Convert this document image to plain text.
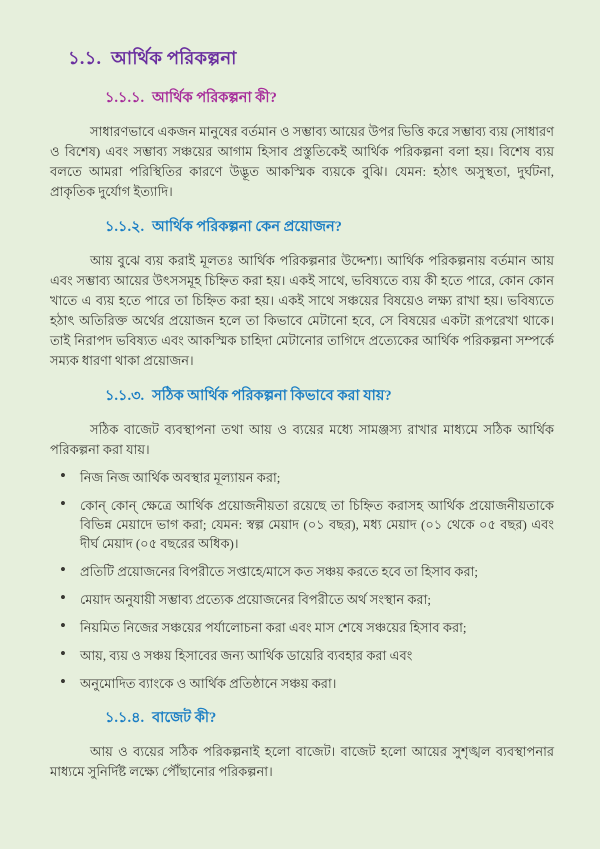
১.১. আর্থিক পরিকল্পনা
১.১.১. আর্থিক পরিকল্পনা কী?

সাধারণভাবে একজন মানুষের বর্তমান ও সম্ভাব্য আয়ের উপর ভিত্তি করে সম্ভাব্য ব্যয় (সাধারণ ও বিশেষ) এবং সম্ভাব্য সঞ্চয়ের আগাম হিসাব প্রস্তুতিকেই আর্থিক পরিকল্পনা বলা হয়। বিশেষ ব্যয় বলতে আমরা পরিস্থিতির কারণে উদ্ভূত আকস্মিক ব্যয়কে বুঝি। যেমন: হঠাৎ অসুস্থতা, দুর্ঘটনা, প্রাকৃতিক দুর্যোগ ইত্যাদি।

১.১.২. আর্থিক পরিকল্পনা কেন প্রয়োজন?

আয় বুঝে ব্যয় করাই মূলতঃ আর্থিক পরিকল্পনার উদ্দেশ্য। আর্থিক পরিকল্পনায় বর্তমান আয় এবং সম্ভাব্য আয়ের উৎসসমূহ চিহ্নিত করা হয়। একই সাথে, ভবিষ্যতে ব্যয় কী হতে পারে, কোন কোন খাতে এ ব্যয় হতে পারে তা চিহ্নিত করা হয়। একই সাথে সঞ্চয়ের বিষয়েও লক্ষ্য রাখা হয়। ভবিষ্যতে হঠাৎ অতিরিক্ত অর্থের প্রয়োজন হলে তা কিভাবে মেটানো হবে, সে বিষয়ের একটা রূপরেখা থাকে। তাই নিরাপদ ভবিষ্যত এবং আকস্মিক চাহিদা মেটানোর তাগিদে প্রত্যেকের আর্থিক পরিকল্পনা সম্পর্কে সম্যক ধারণা থাকা প্রয়োজন।

১.১.৩. সঠিক আর্থিক পরিকল্পনা কিভাবে করা যায়?

সঠিক বাজেট ব্যবস্থাপনা তথা আয় ও ব্যয়ের মধ্যে সামঞ্জস্য রাখার মাধ্যমে সঠিক আর্থিক পরিকল্পনা করা যায়।

• নিজ নিজ আর্থিক অবস্থার মূল্যায়ন করা;
• কোন্‌ কোন্‌ ক্ষেত্রে আর্থিক প্রয়োজনীয়তা রয়েছে তা চিহ্নিত করাসহ আর্থিক প্রয়োজনীয়তাকে বিভিন্ন মেয়াদে ভাগ করা; যেমন: স্বল্প মেয়াদ (০১ বছর), মধ্য মেয়াদ (০১ থেকে ০৫ বছর) এবং দীর্ঘ মেয়াদ (০৫ বছরের অধিক)।
• প্রতিটি প্রয়োজনের বিপরীতে সপ্তাহে/মাসে কত সঞ্চয় করতে হবে তা হিসাব করা;
• মেয়াদ অনুযায়ী সম্ভাব্য প্রত্যেক প্রয়োজনের বিপরীতে অর্থ সংস্থান করা;
• নিয়মিত নিজের সঞ্চয়ের পর্যালোচনা করা এবং মাস শেষে সঞ্চয়ের হিসাব করা;
• আয়, ব্যয় ও সঞ্চয় হিসাবের জন্য আর্থিক ডায়েরি ব্যবহার করা এবং
• অনুমোদিত ব্যাংকে ও আর্থিক প্রতিষ্ঠানে সঞ্চয় করা।
১.১.৪. বাজেট কী?

আয় ও ব্যয়ের সঠিক পরিকল্পনাই হলো বাজেট। বাজেট হলো আয়ের সুশৃঙ্খল ব্যবস্থাপনার মাধ্যমে সুনির্দিষ্ট লক্ষ্যে পৌঁছানোর পরিকল্পনা।
